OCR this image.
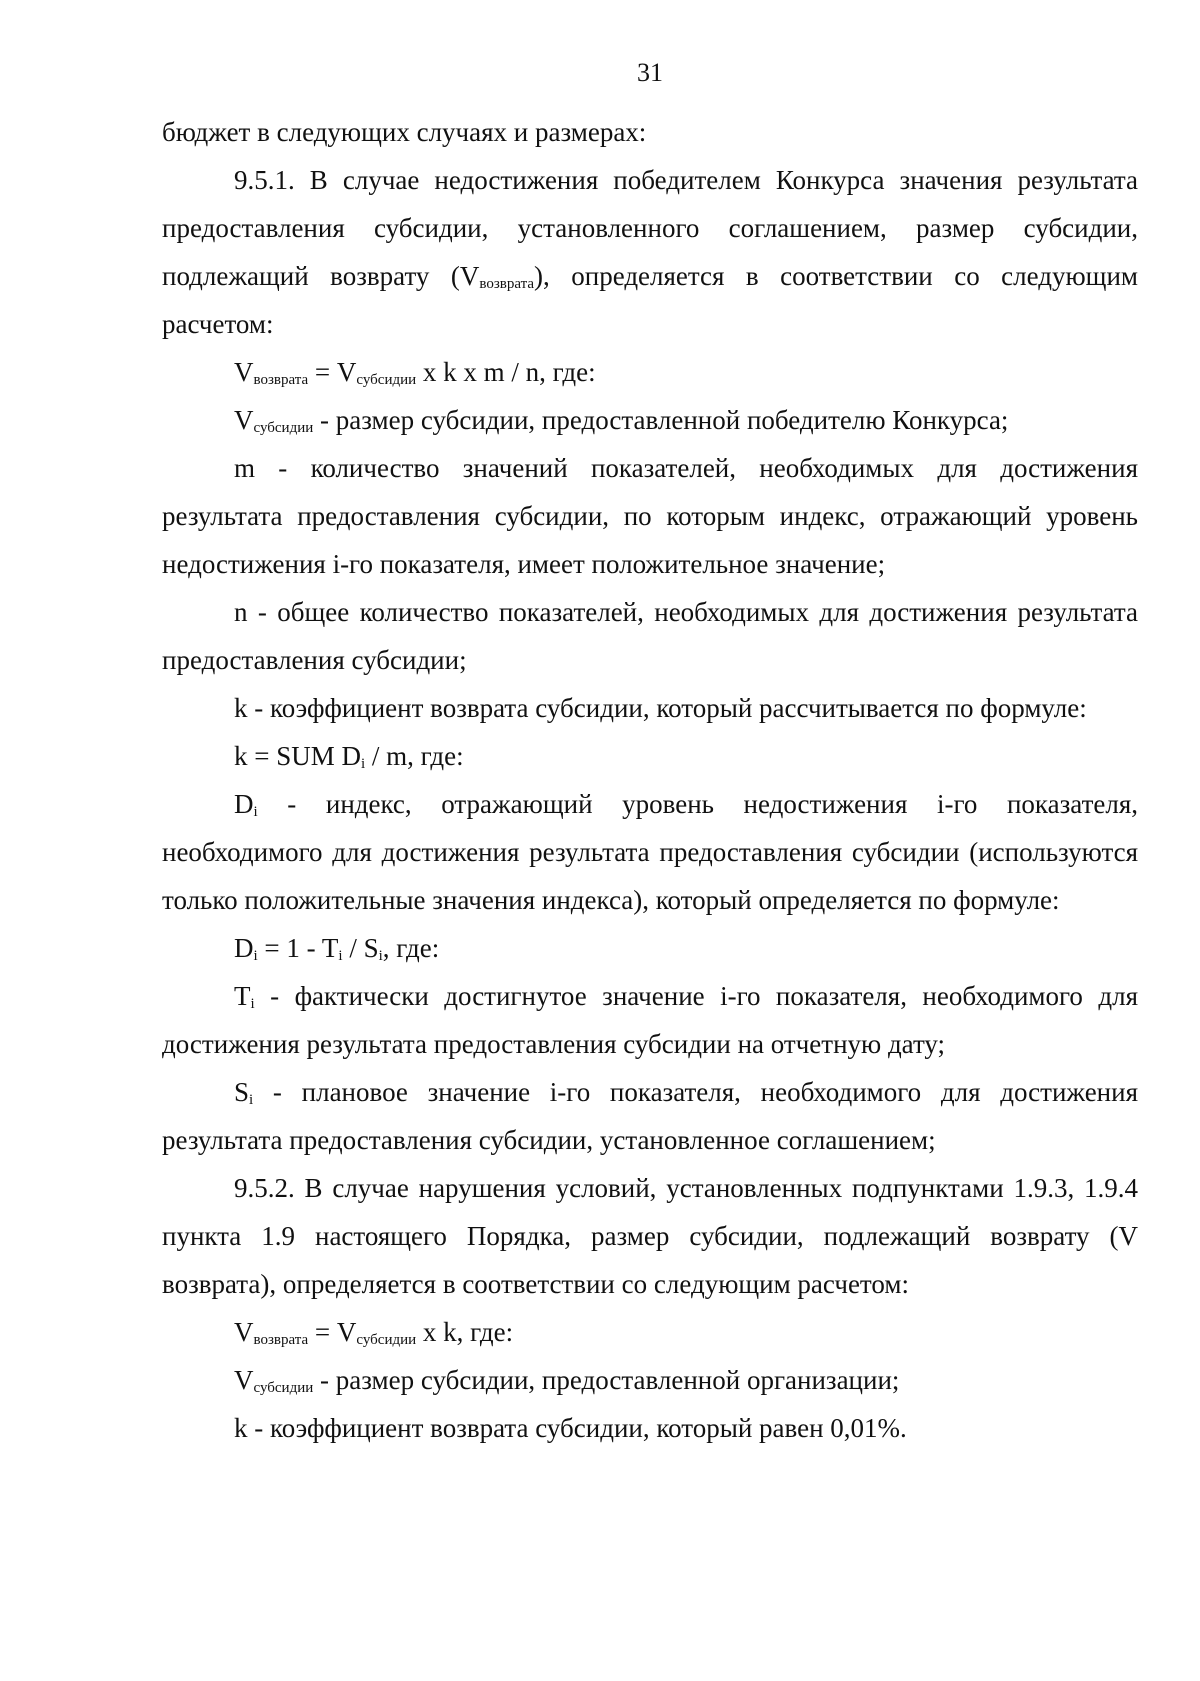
31

бюджет в следующих случаях и размерах:

9.5.1. В случае недостижения победителем Конкурса значения результата предоставления субсидии, установленного соглашением, размер субсидии, подлежащий возврату $(V_{возврата})$, определяется в соответствии со следующим расчетом:

$V_{возврата} = V_{субсидии}$ x k x m / n, где:

$V_{субсидии}$ - размер субсидии, предоставленной победителю Конкурса;

m - количество значений показателей, необходимых для достижения результата предоставления субсидии, по которым индекс, отражающий уровень недостижения i-го показателя, имеет положительное значение;

n - общее количество показателей, необходимых для достижения результата предоставления субсидии;

k - коэффициент возврата субсидии, который рассчитывается по формуле:

k = SUM $D_i$ / m, где:

$D_i$ - индекс, отражающий уровень недостижения i-го показателя, необходимого для достижения результата предоставления субсидии (используются только положительные значения индекса), который определяется по формуле:

$D_i = 1 - T_i / S_i$, где:

$T_i$ - фактически достигнутое значение i-го показателя, необходимого для достижения результата предоставления субсидии на отчетную дату;

$S_i$ - плановое значение i-го показателя, необходимого для достижения результата предоставления субсидии, установленное соглашением;

9.5.2. В случае нарушения условий, установленных подпунктами 1.9.3, 1.9.4 пункта 1.9 настоящего Порядка, размер субсидии, подлежащий возврату (V возврата), определяется в соответствии со следующим расчетом:

$V_{возврата} = V_{субсидии}$ x k, где:

$V_{субсидии}$ - размер субсидии, предоставленной организации;

k - коэффициент возврата субсидии, который равен 0,01%.
